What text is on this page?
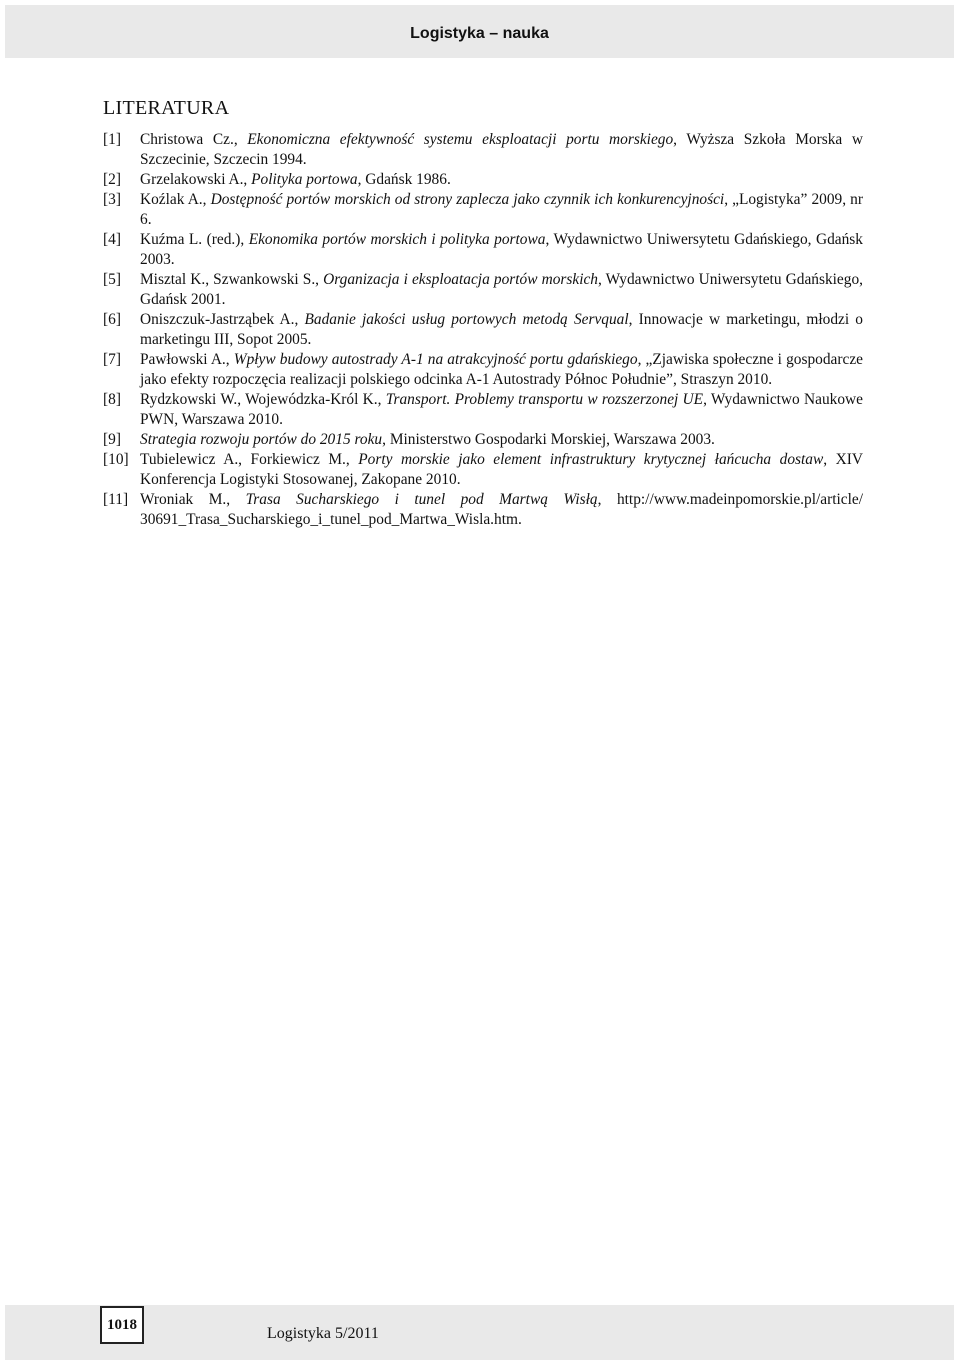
Logistyka – nauka
LITERATURA
[1]	Christowa Cz., Ekonomiczna efektywność systemu eksploatacji portu morskiego, Wyższa Szkoła Morska w Szczecinie, Szczecin 1994.
[2]	Grzelakowski A., Polityka portowa, Gdańsk 1986.
[3]	Koźlak A., Dostępność portów morskich od strony zaplecza jako czynnik ich konkurencyjności, „Logistyka” 2009, nr 6.
[4]	Kuźma L. (red.), Ekonomika portów morskich i polityka portowa, Wydawnictwo Uniwersytetu Gdańskiego, Gdańsk 2003.
[5]	Misztal K., Szwankowski S., Organizacja i eksploatacja portów morskich, Wydawnictwo Uniwersytetu Gdańskiego, Gdańsk 2001.
[6]	Oniszczuk-Jastrząbek A., Badanie jakości usług portowych metodą Servqual, Innowacje w marketingu, młodzi o marketingu III, Sopot 2005.
[7]	Pawłowski A., Wpływ budowy autostrady A-1 na atrakcyjność portu gdańskiego, „Zjawiska społeczne i gospodarcze jako efekty rozpoczęcia realizacji polskiego odcinka A-1 Autostrady Północ Południe”, Straszyn 2010.
[8]	Rydzkowski W., Wojewódzka-Król K., Transport. Problemy transportu w rozszerzonej UE, Wydawnictwo Naukowe PWN, Warszawa 2010.
[9]	Strategia rozwoju portów do 2015 roku, Ministerstwo Gospodarki Morskiej, Warszawa 2003.
[10] Tubielewicz A., Forkiewicz M., Porty morskie jako element infrastruktury krytycznej łańcucha dostaw, XIV Konferencja Logistyki Stosowanej, Zakopane 2010.
[11] Wroniak M., Trasa Sucharskiego i tunel pod Martwą Wisłą, http://www.madeinpomorskie.pl/article/ 30691_Trasa_Sucharskiego_i_tunel_pod_Martwa_Wisla.htm.
1018	Logistyka 5/2011
